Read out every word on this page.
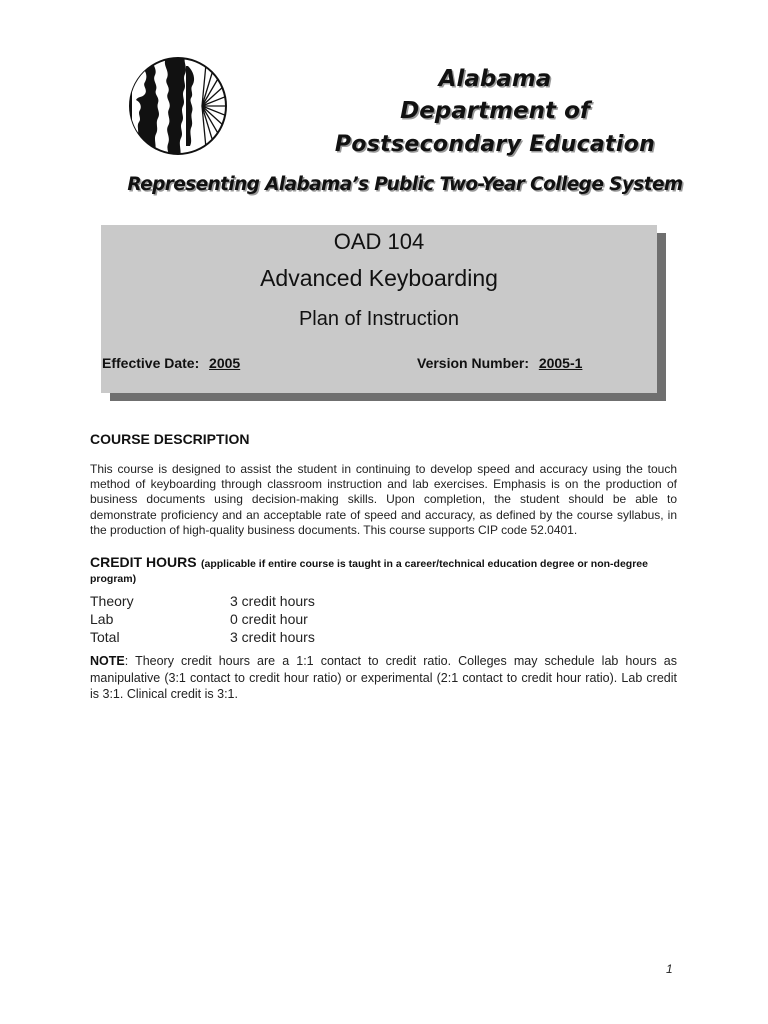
Alabama
Department of
Postsecondary Education
Representing Alabama’s Public Two-Year College System
OAD 104
Advanced Keyboarding
Plan of Instruction
Effective Date: 2005	Version Number: 2005-1
COURSE DESCRIPTION

This course is designed to assist the student in continuing to develop speed and accuracy using the touch method of keyboarding through classroom instruction and lab exercises. Emphasis is on the production of business documents using decision-making skills. Upon completion, the student should be able to demonstrate proficiency and an acceptable rate of speed and accuracy, as defined by the course syllabus, in the production of high-quality business documents. This course supports CIP code 52.0401.

CREDIT HOURS (applicable if entire course is taught in a career/technical education degree or non-degree program)
Theory	3 credit hours
Lab	0 credit hour
Total	3 credit hours

NOTE: Theory credit hours are a 1:1 contact to credit ratio. Colleges may schedule lab hours as manipulative (3:1 contact to credit hour ratio) or experimental (2:1 contact to credit hour ratio). Lab credit is 3:1. Clinical credit is 3:1.

1
